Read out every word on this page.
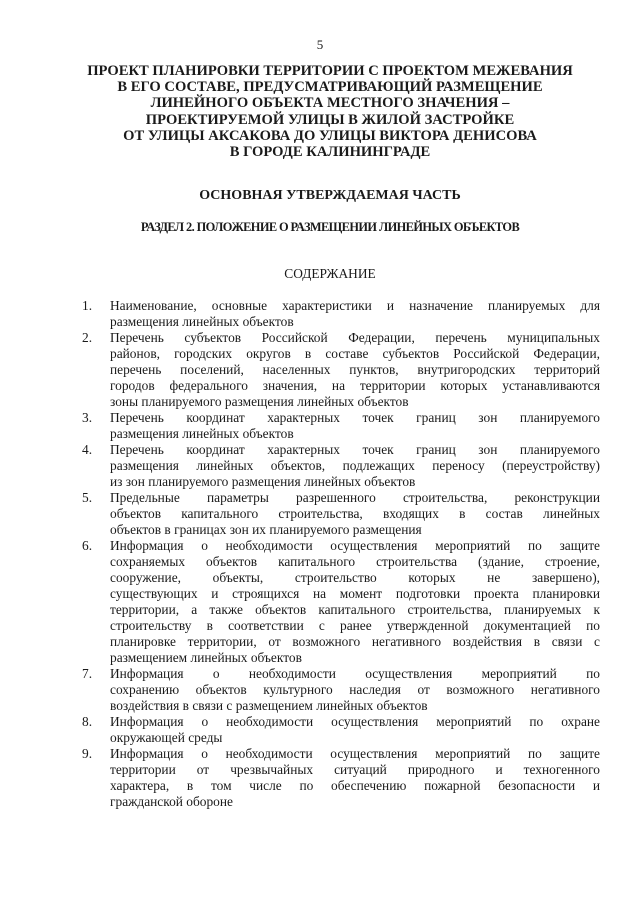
5
ПРОЕКТ ПЛАНИРОВКИ ТЕРРИТОРИИ С ПРОЕКТОМ МЕЖЕВАНИЯ
В ЕГО СОСТАВЕ, ПРЕДУСМАТРИВАЮЩИЙ РАЗМЕЩЕНИЕ
ЛИНЕЙНОГО ОБЪЕКТА МЕСТНОГО ЗНАЧЕНИЯ –
ПРОЕКТИРУЕМОЙ УЛИЦЫ В ЖИЛОЙ ЗАСТРОЙКЕ
ОТ УЛИЦЫ АКСАКОВА ДО УЛИЦЫ ВИКТОРА ДЕНИСОВА
В ГОРОДЕ КАЛИНИНГРАДЕ
ОСНОВНАЯ УТВЕРЖДАЕМАЯ ЧАСТЬ
РАЗДЕЛ 2. ПОЛОЖЕНИЕ О РАЗМЕЩЕНИИ ЛИНЕЙНЫХ ОБЪЕКТОВ
СОДЕРЖАНИЕ
1.	Наименование, основные характеристики и назначение планируемых для
размещения линейных объектов
2.	Перечень субъектов Российской Федерации, перечень муниципальных
районов, городских округов в составе субъектов Российской Федерации,
перечень поселений, населенных пунктов, внутригородских территорий
городов федерального значения, на территории которых устанавливаются
зоны планируемого размещения линейных объектов
3.	Перечень координат характерных точек границ зон планируемого
размещения линейных объектов
4.	Перечень координат характерных точек границ зон планируемого
размещения линейных объектов, подлежащих переносу (переустройству)
из зон планируемого размещения линейных объектов
5.	Предельные параметры разрешенного строительства, реконструкции
объектов капитального строительства, входящих в состав линейных
объектов в границах зон их планируемого размещения
6.	Информация о необходимости осуществления мероприятий по защите
сохраняемых объектов капитального строительства (здание, строение,
сооружение, объекты, строительство которых не завершено),
существующих и строящихся на момент подготовки проекта планировки
территории, а также объектов капитального строительства, планируемых к
строительству в соответствии с ранее утвержденной документацией по
планировке территории, от возможного негативного воздействия в связи с
размещением линейных объектов
7.	Информация о необходимости осуществления мероприятий по
сохранению объектов культурного наследия от возможного негативного
воздействия в связи с размещением линейных объектов
8.	Информация о необходимости осуществления мероприятий по охране
окружающей среды
9.	Информация о необходимости осуществления мероприятий по защите
территории от чрезвычайных ситуаций природного и техногенного
характера, в том числе по обеспечению пожарной безопасности и
гражданской обороне
